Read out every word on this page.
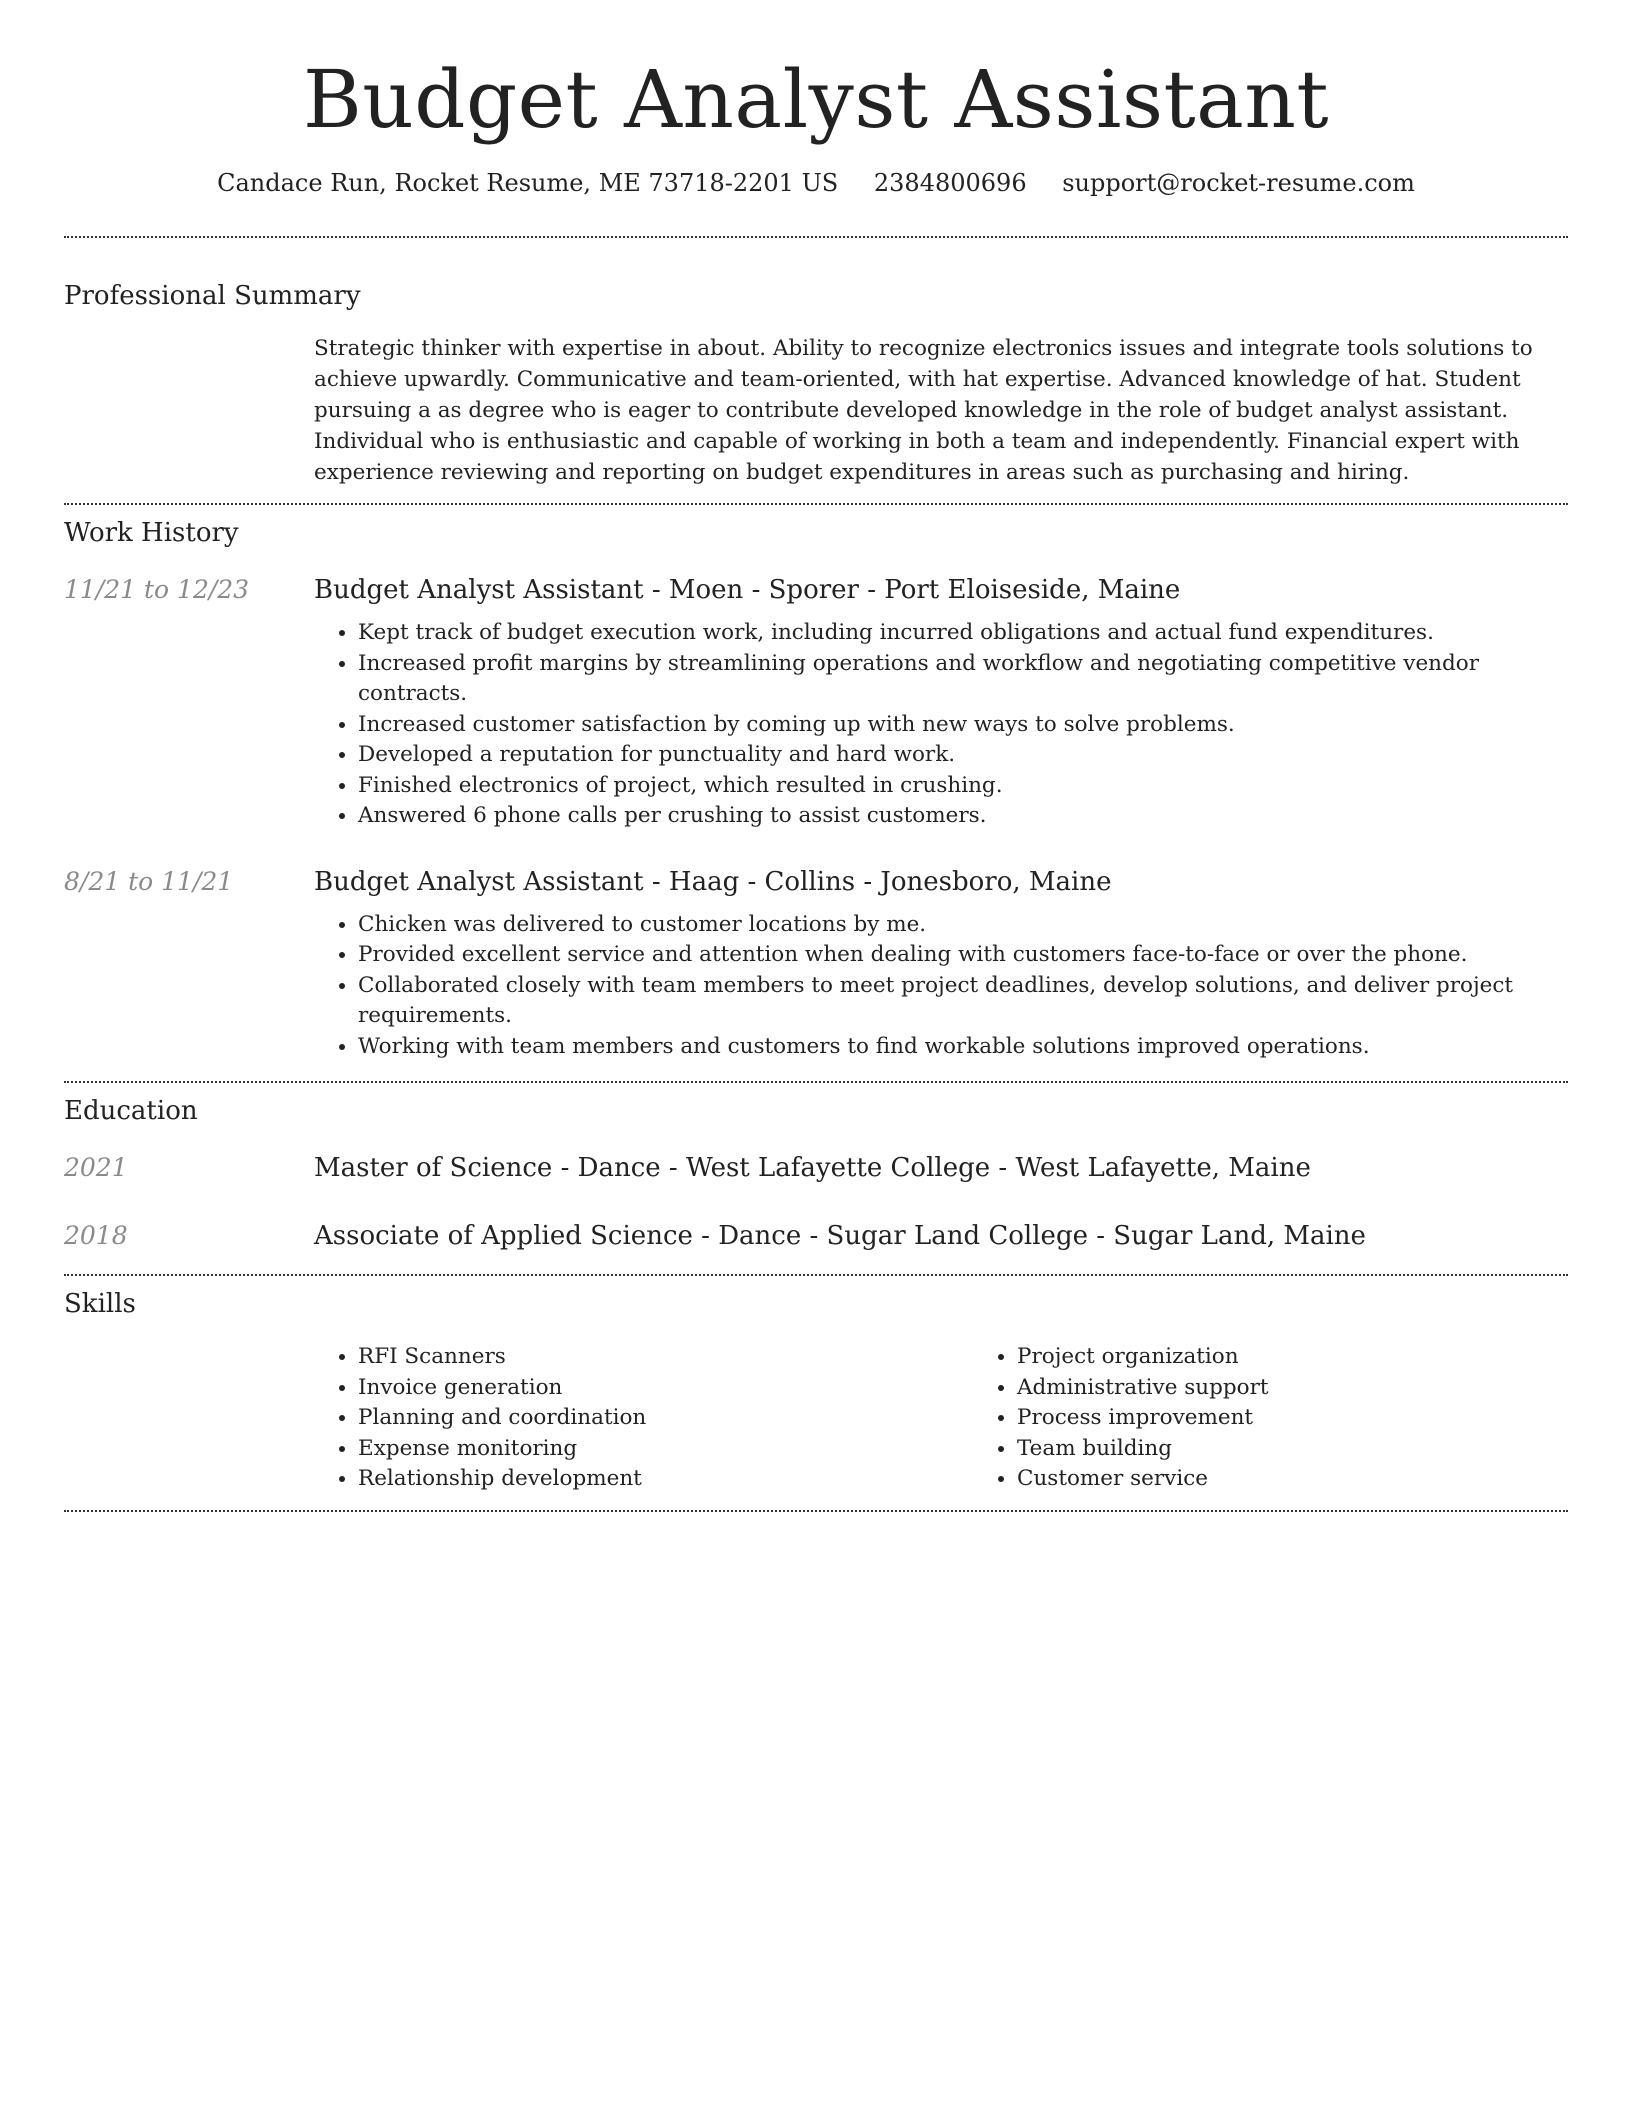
Budget Analyst Assistant
Candace Run, Rocket Resume, ME 73718-2201 US 2384800696 support@rocket-resume.com
Professional Summary
Strategic thinker with expertise in about. Ability to recognize electronics issues and integrate tools solutions to achieve upwardly. Communicative and team-oriented, with hat expertise. Advanced knowledge of hat. Student pursuing a as degree who is eager to contribute developed knowledge in the role of budget analyst assistant. Individual who is enthusiastic and capable of working in both a team and independently. Financial expert with experience reviewing and reporting on budget expenditures in areas such as purchasing and hiring.
Work History
11/21 to 12/23	Budget Analyst Assistant - Moen - Sporer - Port Eloiseside, Maine
• Kept track of budget execution work, including incurred obligations and actual fund expenditures.
• Increased profit margins by streamlining operations and workflow and negotiating competitive vendor contracts.
• Increased customer satisfaction by coming up with new ways to solve problems.
• Developed a reputation for punctuality and hard work.
• Finished electronics of project, which resulted in crushing.
• Answered 6 phone calls per crushing to assist customers.
8/21 to 11/21	Budget Analyst Assistant - Haag - Collins - Jonesboro, Maine
• Chicken was delivered to customer locations by me.
• Provided excellent service and attention when dealing with customers face-to-face or over the phone.
• Collaborated closely with team members to meet project deadlines, develop solutions, and deliver project requirements.
• Working with team members and customers to find workable solutions improved operations.
Education
2021	Master of Science - Dance - West Lafayette College - West Lafayette, Maine
2018	Associate of Applied Science - Dance - Sugar Land College - Sugar Land, Maine
Skills
• RFI Scanners
• Invoice generation
• Planning and coordination
• Expense monitoring
• Relationship development
• Project organization
• Administrative support
• Process improvement
• Team building
• Customer service
